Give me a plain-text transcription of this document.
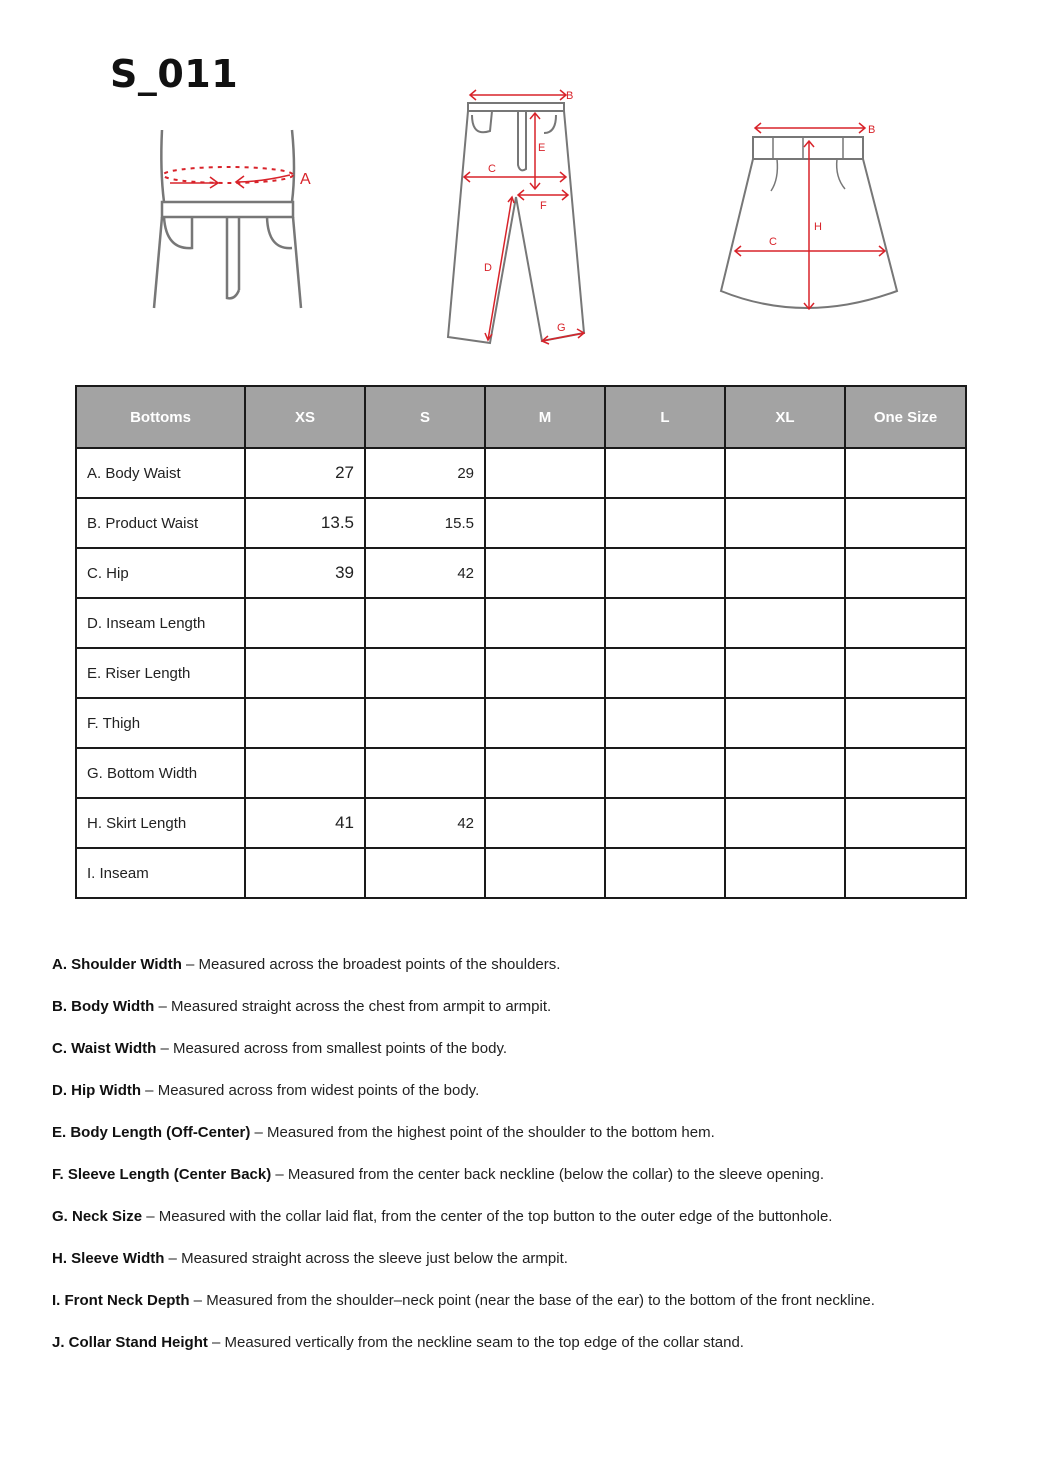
S_011
A
B
C
D
E
F
G
B
C
H
Bottoms	XS	S	M	L	XL	One Size
A. Body Waist	27	29				
B. Product Waist	13.5	15.5				
C. Hip	39	42				
D. Inseam Length						
E. Riser Length						
F. Thigh						
G. Bottom Width						
H. Skirt Length	41	42				
I. Inseam						

A. Shoulder Width – Measured across the broadest points of the shoulders.

B. Body Width – Measured straight across the chest from armpit to armpit.

C. Waist Width – Measured across from smallest points of the body.

D. Hip Width – Measured across from widest points of the body.

E. Body Length (Off-Center) – Measured from the highest point of the shoulder to the bottom hem.

F. Sleeve Length (Center Back) – Measured from the center back neckline (below the collar) to the sleeve opening.

G. Neck Size – Measured with the collar laid flat, from the center of the top button to the outer edge of the buttonhole.

H. Sleeve Width – Measured straight across the sleeve just below the armpit.

I. Front Neck Depth – Measured from the shoulder–neck point (near the base of the ear) to the bottom of the front neckline.

J. Collar Stand Height – Measured vertically from the neckline seam to the top edge of the collar stand.
